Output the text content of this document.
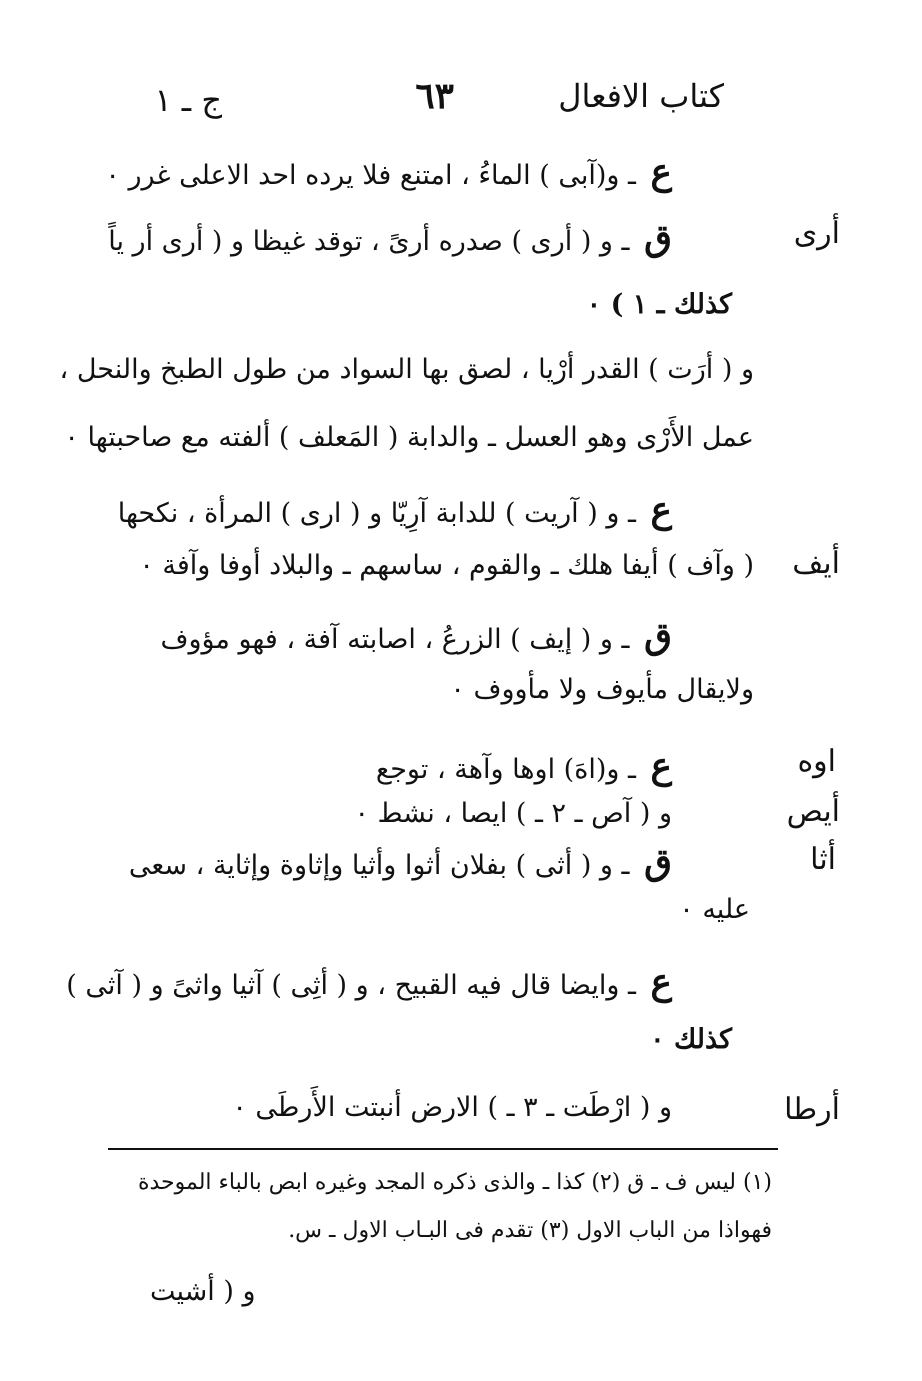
كتاب الافعال
٦٣
ج ـ ١
ع ـ و(آبى ) الماءُ ، امتنع فلا يرده احد الاعلى غرر ٠
ق ـ و ( أرى ) صدره أرىً ، توقد غيظا و ( أرى أر ياً
كذلك ـ ١ ) ٠
و ( أرَت ) القدر أرْيا ، لصق بها السواد من طول الطبخ والنحل ،
عمل الأَرْى وهو العسل ـ والدابة ( المَعلف ) ألفته مع صاحبتها ٠
ع ـ و ( آريت ) للدابة آرِيّا و ( ارى ) المرأة ، نكحها
( وآف ) أيفا هلك ـ والقوم ، ساسهم ـ والبلاد أوفا وآفة ٠
ق ـ و ( إيف ) الزرعُ ، اصابته آفة ، فهو مؤوف
ولايقال مأيوف ولا مأووف ٠
ع ـ و(اهَ) اوها وآهة ، توجع
و ( آص ـ ٢ ـ ) ايصا ، نشط ٠
ق ـ و ( أثى ) بفلان أثوا وأثيا وإثاوة وإثاية ، سعى
عليه ٠
ع ـ وايضا قال فيه القبيح ، و ( أثِى ) آثيا واثىً و ( آثى )
كذلك ٠
و ( ارْطَت ـ ٣ ـ ) الارض أنبتت الأَرطَى ٠
أرى
أيف
اوه
أيص
أثا
أرطا
(١) ليس ف ـ ق (٢) كذا ـ والذى ذكره المجد وغيره ابص بالباء الموحدة
فهواذا من الباب الاول (٣) تقدم فى البـاب الاول ـ س.
و ( أشيت
